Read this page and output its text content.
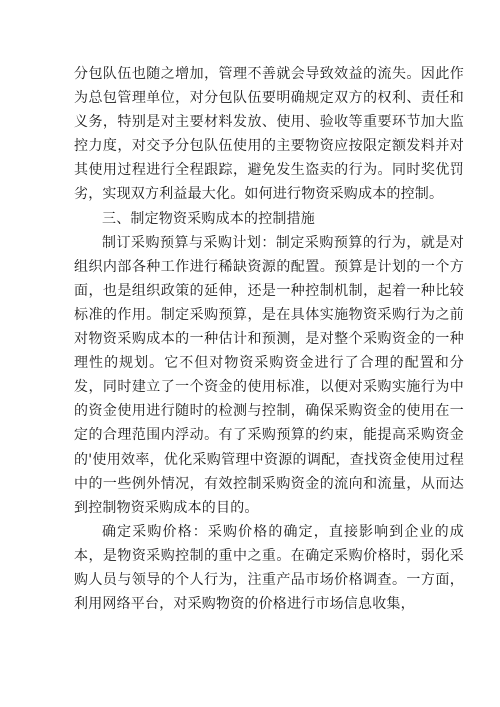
分包队伍也随之增加，管理不善就会导致效益的流失。因此作为总包管理单位，对分包队伍要明确规定双方的权利、责任和义务，特别是对主要材料发放、使用、验收等重要环节加大监控力度，对交予分包队伍使用的主要物资应按限定额发料并对其使用过程进行全程跟踪，避免发生盗卖的行为。同时奖优罚劣，实现双方利益最大化。如何进行物资采购成本的控制。

三、制定物资采购成本的控制措施

制订采购预算与采购计划：制定采购预算的行为，就是对组织内部各种工作进行稀缺资源的配置。预算是计划的一个方面，也是组织政策的延伸，还是一种控制机制，起着一种比较标准的作用。制定采购预算，是在具体实施物资采购行为之前对物资采购成本的一种估计和预测，是对整个采购资金的一种理性的规划。它不但对物资采购资金进行了合理的配置和分发，同时建立了一个资金的使用标准，以便对采购实施行为中的资金使用进行随时的检测与控制，确保采购资金的使用在一定的合理范围内浮动。有了采购预算的约束，能提高采购资金的'使用效率，优化采购管理中资源的调配，查找资金使用过程中的一些例外情况，有效控制采购资金的流向和流量，从而达到控制物资采购成本的目的。

确定采购价格：采购价格的确定，直接影响到企业的成本，是物资采购控制的重中之重。在确定采购价格时，弱化采购人员与领导的个人行为，注重产品市场价格调查。一方面，利用网络平台，对采购物资的价格进行市场信息收集，
